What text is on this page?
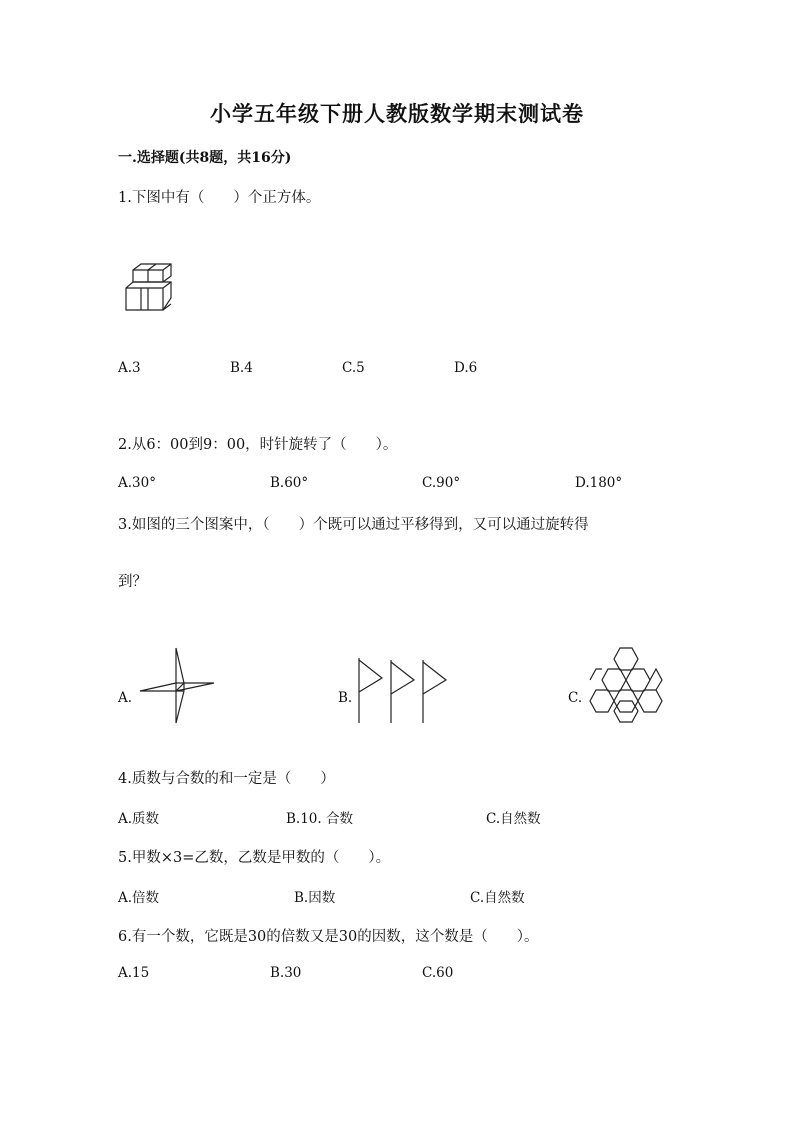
小学五年级下册人教版数学期末测试卷
一.选择题(共8题，共16分)
1.下图中有（　　）个正方体。
A.3	B.4	C.5	D.6
2.从6：00到9：00，时针旋转了（　　）。
A.30°	B.60°	C.90°	D.180°
3.如图的三个图案中，（　　）个既可以通过平移得到，又可以通过旋转得
到？
A.	B.	C.
4.质数与合数的和一定是（　　）
A.质数	B.10. 合数	C.自然数
5.甲数×3=乙数，乙数是甲数的（　　）。
A.倍数	B.因数	C.自然数
6.有一个数，它既是30的倍数又是30的因数，这个数是（　　）。
A.15	B.30	C.60
